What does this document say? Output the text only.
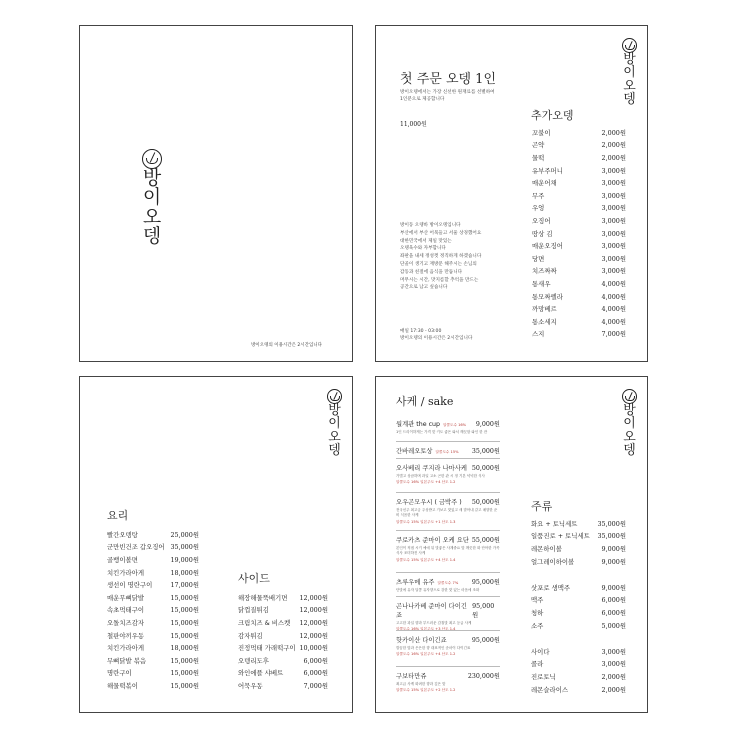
방
이
오
뎅
방이오뎅의 이용시간은 2시간입니다
방
이
오
뎅
첫 주문 오뎅 1인
방이오뎅에서는 가장 신선한 원재료를 선별하여
1인분으로 제공합니다
11,000원
방이동 오뎅바 방이오뎅입니다
부산에서 부산 어묵들고 서울 상경했어요
대한민국에서 제일 맛있는
오뎅육수와 자부합니다
좌판을 내세 정성껏 정직하게 하겠습니다
단골이 생기고 재방문 해주시는 손님의
감동과 친절에 음식을 만듭니다
머무시는 시간, 맛지름할 추억을 만드는
공간으로 남고 싶습니다
매일 17:30 - 03:00
방이오뎅의 이용시간은 2시간입니다
추가오뎅
꼬불이	2,000원
곤약	2,000원
물떡	2,000원
유부주머니	3,000원
매운어채	3,000원
무주	3,000원
우엉	3,000원
오징어	3,000원
땅상 김	3,000원
매운오징어	3,000원
당면	3,000원
치즈짜짜	3,000원
통새우	4,000원
통모짜렐라	4,000원
까망베르	4,000원
통소세지	4,000원
스지	7,000원
방
이
오
뎅
요리
빨간오뎅탕	25,000원
군만빈건조 갑오징어 35,000원
골뱅이볼면	19,000원
치킨가라아게	18,000원
생선이 명란구이	17,000원
매운무뼈닭발	15,000원
속초먹태구이	15,000원
오돌치즈감자	15,000원
철판야끼우동	15,000원
치킨가라아게	18,000원
무뼈닭발 볶음	15,000원
명란구이	15,000원
해물떡볶이	15,000원
사이드
해장해물뚝배기면 12,000원
닭껍질튀김	12,000원
크림치즈 & 비스켓 12,000원
감자튀김	12,000원
진정먹태 가래떡구이 10,000원
오뎅리도후	6,000원
와인에플 샤베트	6,000원
어묵우동	7,000원
방
이
오
뎅
사케 / sake
월계관 the cup 알콜도수 16% 9,000원
1인 드리이하게는 가격 맞 키도 좋은 와서 깨끗함 와인 한 잔
간바레오토상 알콜도수 15% 35,000원
오사베리 쿠지라 나마사케 50,000원
가볍고 상큼하며 과일 고소 곤한 관 시 정 기본 넉넉한 식사
알콜도수 16% 일본주도 +4 산도 1.2
오우곤모우시 ( 금박주 ) 50,000원
전국신주 최고금 주상받고 기보고 맛있고 새 맡아내 같고 매향한 준비 식음한 사케
알콜도수 15% 일본주도 +1 산도 1.3
쿠로카츠 준마이 오케 요단 55,000원
본인이 직접 시키 예에 뒤 맛좋은 사계중요 맛 깨끗한 화 단아한 가족 식사 조미하진 사케
알콜도수 15% 일본주도 +4 산도 1.4
츠루우메 유주 알콜도수 7% 95,000원
단맛에 유자 달콤 유자향으로 강한 맛 있는 마음에 조화
곤나나카베 준마이 다이긴죠
95,000원
고고한 과일 향과 부드러운 감칠맛 최고 등급 사케
알콜도수 16% 일본주도 +3 산도 1.4
핫카이산 다이긴죠	95,000원
깔끔한 맛과 은은한 향 대표적인 준마이 다이긴죠
알콜도수 16% 일본주도 +4 산도 1.2
구보타만쥬	230,000원
최고급 사케 화려한 향과 깊은 맛
알콜도수 15% 일본주도 +2 산도 1.2
주류
화요 + 토닉세트	35,000원
일품진로 + 토닉세트 35,000원
레몬하이볼	9,000원
얼그레이하이볼	9,000원
삿포로 생맥주	9,000원
맥주	6,000원
청하	6,000원
소주	5,000원
사이다	3,000원
콜라	3,000원
진로토닉	2,000원
레몬슬라이스	2,000원
